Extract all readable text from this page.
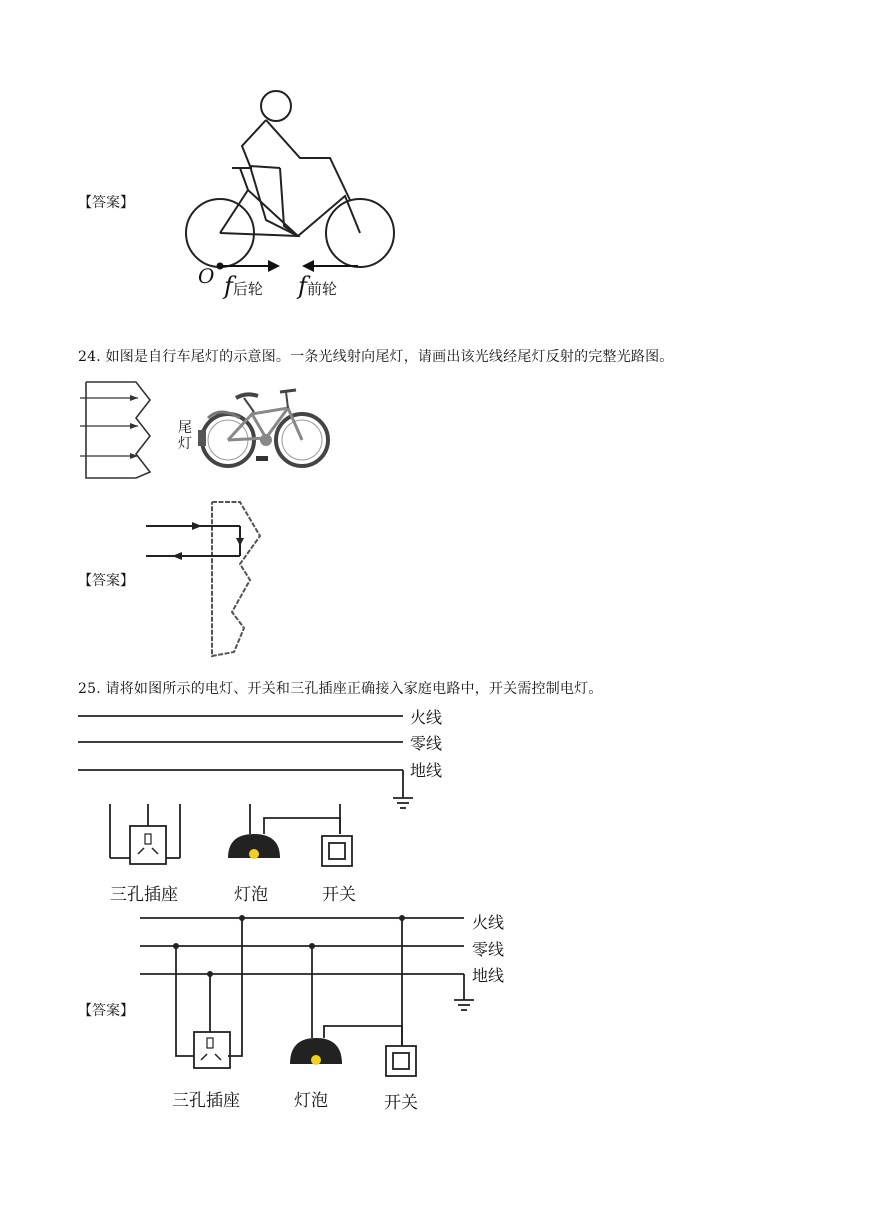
【答案】
O f后轮 f前轮
24. 如图是自行车尾灯的示意图。一条光线射向尾灯，请画出该光线经尾灯反射的完整光路图。
尾灯
【答案】
25. 请将如图所示的电灯、开关和三孔插座正确接入家庭电路中，开关需控制电灯。
火线
零线
地线
三孔插座	灯泡	开关
【答案】
火线
零线
地线
三孔插座	灯泡	开关
